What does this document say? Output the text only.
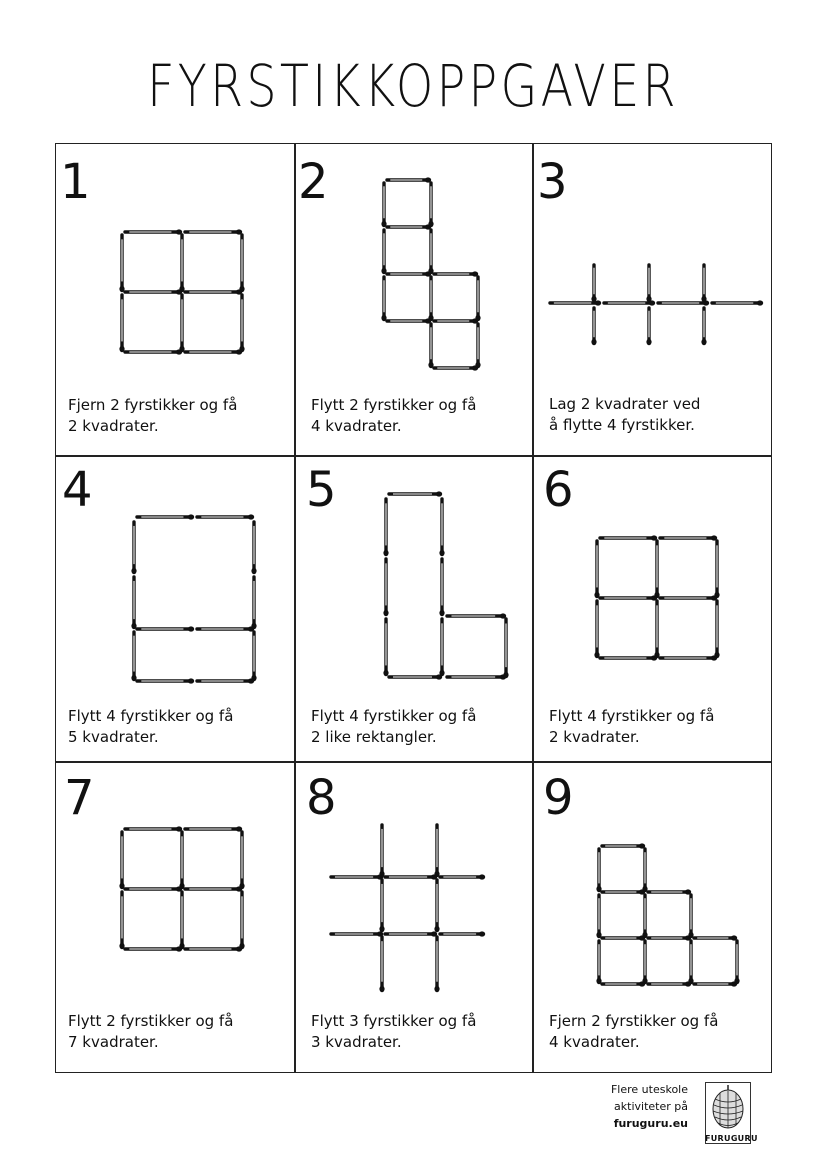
FYRSTIKKOPPGAVER
1	2	3
4	5	6
7	8	9
Fjern 2 fyrstikker og få
2 kvadrater.
Flytt 2 fyrstikker og få
4 kvadrater.
Lag 2 kvadrater ved
å flytte 4 fyrstikker.
Flytt 4 fyrstikker og få
5 kvadrater.
Flytt 4 fyrstikker og få
2 like rektangler.
Flytt 4 fyrstikker og få
2 kvadrater.
Flytt 2 fyrstikker og få
7 kvadrater.
Flytt 3 fyrstikker og få
3 kvadrater.
Fjern 2 fyrstikker og få
4 kvadrater.
Flere uteskole
aktiviteter på
furuguru.eu
FURUGURU
